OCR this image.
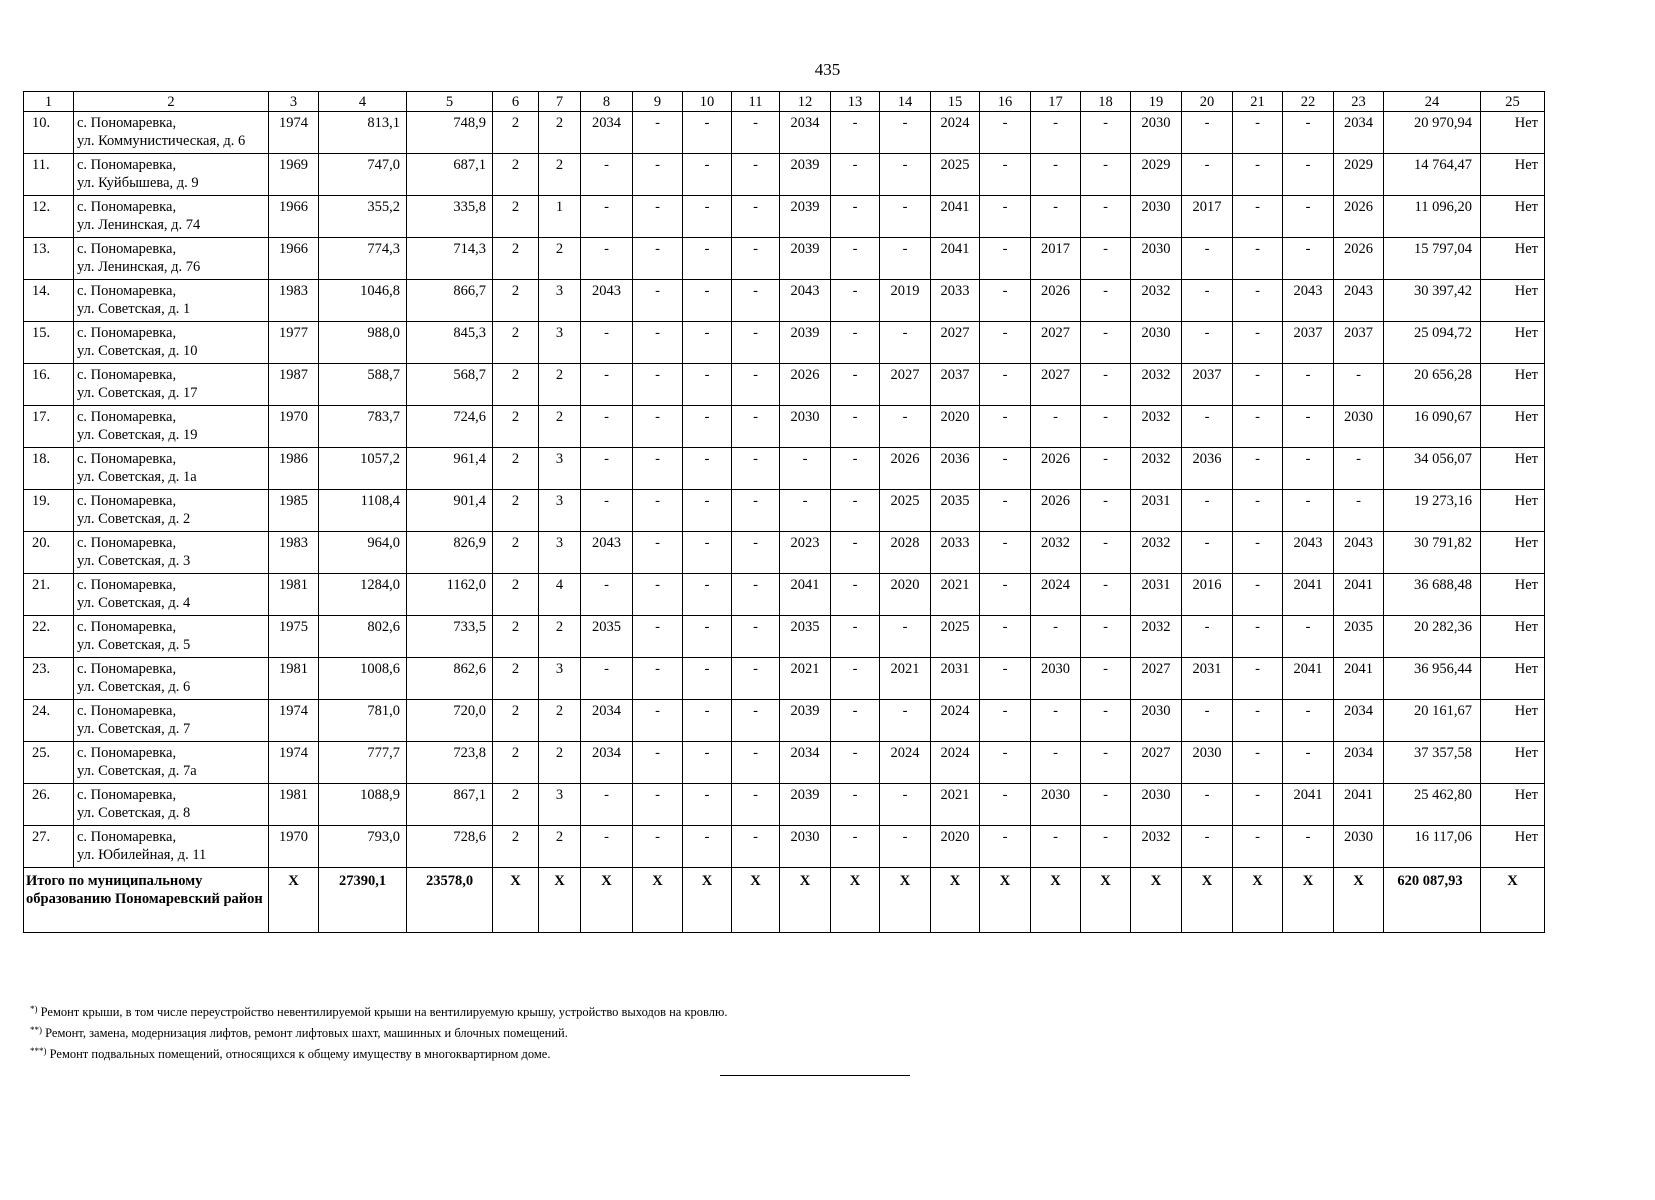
435
1	2	3	4	5	6	7	8	9	10	11	12	13	14	15	16	17	18	19	20	21	22	23	24	25
10.	с. Пономаревка,
ул. Коммунистическая, д. 6	1974	813,1	748,9	2	2	2034	-	-	-	2034	-	-	2024	-	-	-	2030	-	-	-	2034	20 970,94	Нет
11.	с. Пономаревка,
ул. Куйбышева, д. 9	1969	747,0	687,1	2	2	-	-	-	-	2039	-	-	2025	-	-	-	2029	-	-	-	2029	14 764,47	Нет
12.	с. Пономаревка,
ул. Ленинская, д. 74	1966	355,2	335,8	2	1	-	-	-	-	2039	-	-	2041	-	-	-	2030	2017	-	-	2026	11 096,20	Нет
13.	с. Пономаревка,
ул. Ленинская, д. 76	1966	774,3	714,3	2	2	-	-	-	-	2039	-	-	2041	-	2017	-	2030	-	-	-	2026	15 797,04	Нет
14.	с. Пономаревка,
ул. Советская, д. 1	1983	1046,8	866,7	2	3	2043	-	-	-	2043	-	2019	2033	-	2026	-	2032	-	-	2043	2043	30 397,42	Нет
15.	с. Пономаревка,
ул. Советская, д. 10	1977	988,0	845,3	2	3	-	-	-	-	2039	-	-	2027	-	2027	-	2030	-	-	2037	2037	25 094,72	Нет
16.	с. Пономаревка,
ул. Советская, д. 17	1987	588,7	568,7	2	2	-	-	-	-	2026	-	2027	2037	-	2027	-	2032	2037	-	-	-	20 656,28	Нет
17.	с. Пономаревка,
ул. Советская, д. 19	1970	783,7	724,6	2	2	-	-	-	-	2030	-	-	2020	-	-	-	2032	-	-	-	2030	16 090,67	Нет
18.	с. Пономаревка,
ул. Советская, д. 1а	1986	1057,2	961,4	2	3	-	-	-	-	-	-	2026	2036	-	2026	-	2032	2036	-	-	-	34 056,07	Нет
19.	с. Пономаревка,
ул. Советская, д. 2	1985	1108,4	901,4	2	3	-	-	-	-	-	-	2025	2035	-	2026	-	2031	-	-	-	-	19 273,16	Нет
20.	с. Пономаревка,
ул. Советская, д. 3	1983	964,0	826,9	2	3	2043	-	-	-	2023	-	2028	2033	-	2032	-	2032	-	-	2043	2043	30 791,82	Нет
21.	с. Пономаревка,
ул. Советская, д. 4	1981	1284,0	1162,0	2	4	-	-	-	-	2041	-	2020	2021	-	2024	-	2031	2016	-	2041	2041	36 688,48	Нет
22.	с. Пономаревка,
ул. Советская, д. 5	1975	802,6	733,5	2	2	2035	-	-	-	2035	-	-	2025	-	-	-	2032	-	-	-	2035	20 282,36	Нет
23.	с. Пономаревка,
ул. Советская, д. 6	1981	1008,6	862,6	2	3	-	-	-	-	2021	-	2021	2031	-	2030	-	2027	2031	-	2041	2041	36 956,44	Нет
24.	с. Пономаревка,
ул. Советская, д. 7	1974	781,0	720,0	2	2	2034	-	-	-	2039	-	-	2024	-	-	-	2030	-	-	-	2034	20 161,67	Нет
25.	с. Пономаревка,
ул. Советская, д. 7а	1974	777,7	723,8	2	2	2034	-	-	-	2034	-	2024	2024	-	-	-	2027	2030	-	-	2034	37 357,58	Нет
26.	с. Пономаревка,
ул. Советская, д. 8	1981	1088,9	867,1	2	3	-	-	-	-	2039	-	-	2021	-	2030	-	2030	-	-	2041	2041	25 462,80	Нет
27.	с. Пономаревка,
ул. Юбилейная, д. 11	1970	793,0	728,6	2	2	-	-	-	-	2030	-	-	2020	-	-	-	2032	-	-	-	2030	16 117,06	Нет
Итого по муниципальному образованию Пономаревский район		Х	27390,1	23578,0	Х	Х	Х	Х	Х	Х	Х	Х	Х	Х	Х	Х	Х	Х	Х	Х	Х	Х	620 087,93	Х
*) Ремонт крыши, в том числе переустройство невентилируемой крыши на вентилируемую крышу, устройство выходов на кровлю.
**) Ремонт, замена, модернизация лифтов, ремонт лифтовых шахт, машинных и блочных помещений.
***) Ремонт подвальных помещений, относящихся к общему имуществу в многоквартирном доме.
